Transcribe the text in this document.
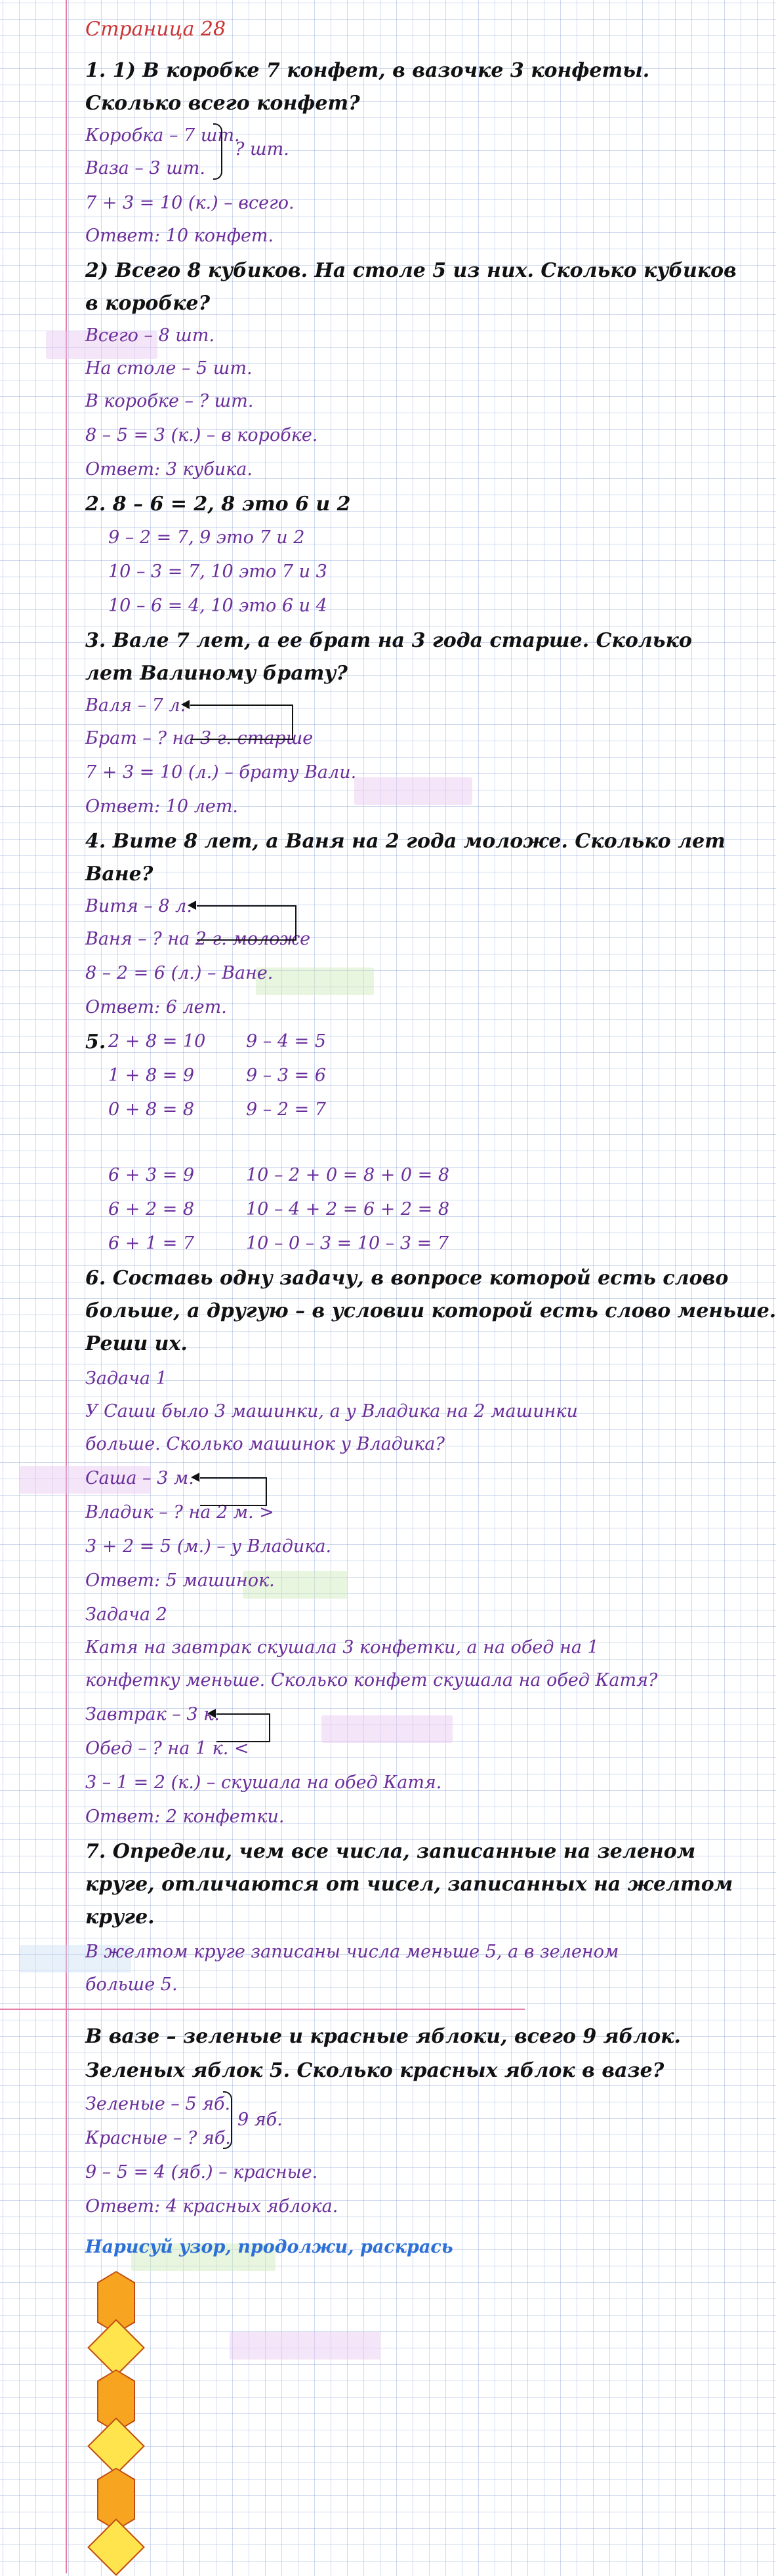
Страница 28
1. 1) В коробке 7 конфет, в вазочке 3 конфеты.
Сколько всего конфет?
Коробка – 7 шт.
Ваза – 3 шт.
? шт.
7 + 3 = 10 (к.) – всего.
Ответ: 10 конфет.
2) Всего 8 кубиков. На столе 5 из них. Сколько кубиков
в коробке?
Всего – 8 шт.
На столе – 5 шт.
В коробке – ? шт.
8 – 5 = 3 (к.) – в коробке.
Ответ: 3 кубика.
2. 8 – 6 = 2, 8 это 6 и 2
9 – 2 = 7, 9 это 7 и 2
10 – 3 = 7, 10 это 7 и 3
10 – 6 = 4, 10 это 6 и 4
3. Вале 7 лет, а ее брат на 3 года старше. Сколько
лет Валиному брату?
Валя – 7 л.
Брат – ? на 3 г. старше
7 + 3 = 10 (л.) – брату Вали.
Ответ: 10 лет.
4. Вите 8 лет, а Ваня на 2 года моложе. Сколько лет
Ване?
Витя – 8 л.
Ваня – ? на 2 г. моложе
8 – 2 = 6 (л.) – Ване.
Ответ: 6 лет.
5. 2 + 8 = 10
1 + 8 = 9
0 + 8 = 8
9 – 4 = 5
9 – 3 = 6
9 – 2 = 7
6 + 3 = 9
6 + 2 = 8
6 + 1 = 7
10 – 2 + 0 = 8 + 0 = 8
10 – 4 + 2 = 6 + 2 = 8
10 – 0 – 3 = 10 – 3 = 7
6. Составь одну задачу, в вопросе которой есть слово
больше, а другую – в условии которой есть слово меньше.
Реши их.
Задача 1
У Саши было 3 машинки, а у Владика на 2 машинки
больше. Сколько машинок у Владика?
Саша – 3 м.
Владик – ? на 2 м. >
3 + 2 = 5 (м.) – у Владика.
Ответ: 5 машинок.
Задача 2
Катя на завтрак скушала 3 конфетки, а на обед на 1
конфетку меньше. Сколько конфет скушала на обед Катя?
Завтрак – 3 к.
Обед – ? на 1 к. <
3 – 1 = 2 (к.) – скушала на обед Катя.
Ответ: 2 конфетки.
7. Определи, чем все числа, записанные на зеленом
круге, отличаются от чисел, записанных на желтом
круге.
В желтом круге записаны числа меньше 5, а в зеленом
больше 5.
В вазе – зеленые и красные яблоки, всего 9 яблок.
Зеленых яблок 5. Сколько красных яблок в вазе?
Зеленые – 5 яб.
Красные – ? яб.
9 яб.
9 – 5 = 4 (яб.) – красные.
Ответ: 4 красных яблока.
Нарисуй узор, продолжи, раскрась
